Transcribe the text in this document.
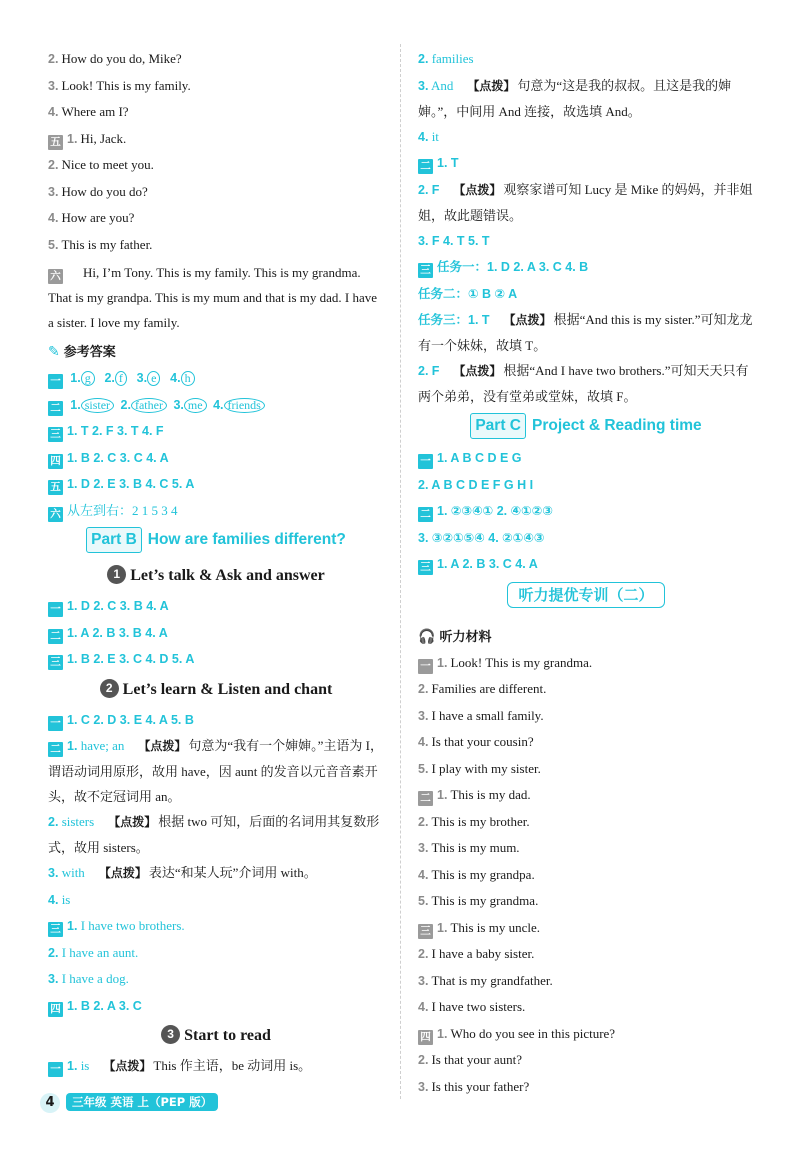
2. How do you do, Mike?
3. Look! This is my family.
4. Where am I?
五 1. Hi, Jack.
2. Nice to meet you.
3. How do you do?
4. How are you?
5. This is my father.
六 Hi, I’m Tony. This is my family. This is my grandma. That is my grandpa. This is my mum and that is my dad. I have a sister. I love my family.
✎ 参考答案
一 1. g 2. f 3. e 4. h
二 1. sister 2. father 3. me 4. friends
三 1. T 2. F 3. T 4. F
四 1. B 2. C 3. C 4. A
五 1. D 2. E 3. B 4. C 5. A
六 从左到右：2 1 5 3 4
Part B How are families different?
1 Let’s talk & Ask and answer
一 1. D 2. C 3. B 4. A
二 1. A 2. B 3. B 4. A
三 1. B 2. E 3. C 4. D 5. A
2 Let’s learn & Listen and chant
一 1. C 2. D 3. E 4. A 5. B
二 1. have; an 【点拨】 句意为“我有一个婶婶。”主语为 I，谓语动词用原形，故用 have，因 aunt 的发音以元音音素开头，故不定冠词用 an。
2. sisters 【点拨】 根据 two 可知，后面的名词用其复数形式，故用 sisters。
3. with 【点拨】 表达“和某人玩”介词用 with。
4. is
三 1. I have two brothers.
2. I have an aunt.
3. I have a dog.
四 1. B 2. A 3. C
3 Start to read
一 1. is 【点拨】 This 作主语，be 动词用 is。
2. families
3. And 【点拨】 句意为“这是我的叔叔。且这是我的婶婶。”，中间用 And 连接，故选填 And。
4. it
二 1. T
2. F 【点拨】 观察家谱可知 Lucy 是 Mike 的妈妈，并非姐姐，故此题错误。
3. F 4. T 5. T
三 任务一：1. D 2. A 3. C 4. B
任务二：① B ② A
任务三：1. T 【点拨】 根据“And this is my sister.”可知龙龙有一个妹妹，故填 T。
2. F 【点拨】 根据“And I have two brothers.”可知天天只有两个弟弟，没有堂弟或堂妹，故填 F。
Part C Project & Reading time
一 1. A B C D E G
2. A B C D E F G H I
二 1. ②③④① 2. ④①②③
3. ③②①⑤④ 4. ②①④③
三 1. A 2. B 3. C 4. A
听力提优专训（二）
🎧 听力材料
一 1. Look! This is my grandma.
2. Families are different.
3. I have a small family.
4. Is that your cousin?
5. I play with my sister.
二 1. This is my dad.
2. This is my brother.
3. This is my mum.
4. This is my grandpa.
5. This is my grandma.
三 1. This is my uncle.
2. I have a baby sister.
3. That is my grandfather.
4. I have two sisters.
四 1. Who do you see in this picture?
2. Is that your aunt?
3. Is this your father?
4 三年级 英语 上（PEP 版）
